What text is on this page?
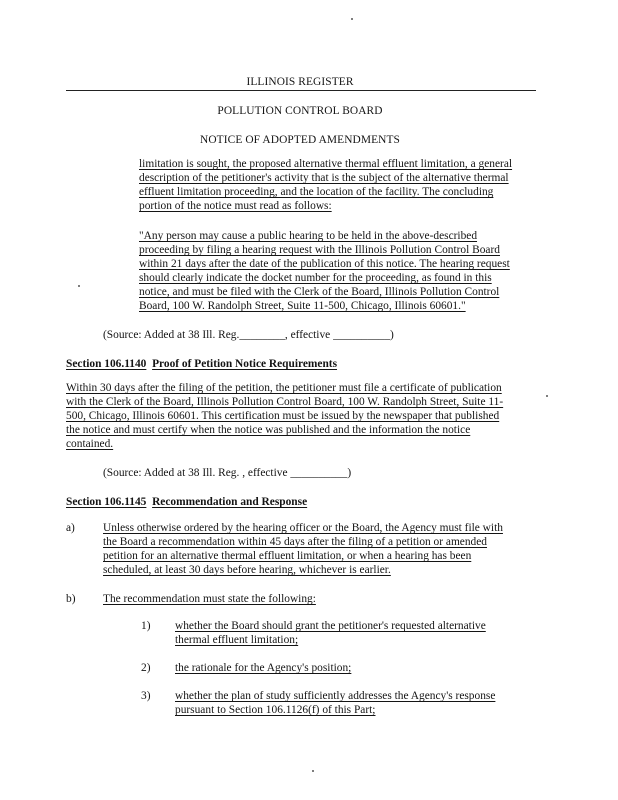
ILLINOIS REGISTER
POLLUTION CONTROL BOARD
NOTICE OF ADOPTED AMENDMENTS

limitation is sought, the proposed alternative thermal effluent limitation, a general

description of the petitioner's activity that is the subject of the alternative thermal

effluent limitation proceeding, and the location of the facility. The concluding

portion of the notice must read as follows:

"Any person may cause a public hearing to be held in the above-described

proceeding by filing a hearing request with the Illinois Pollution Control Board

within 21 days after the date of the publication of this notice. The hearing request

should clearly indicate the docket number for the proceeding, as found in this

notice, and must be filed with the Clerk of the Board, Illinois Pollution Control

Board, 100 W. Randolph Street, Suite 11-500, Chicago, Illinois 60601."

(Source: Added at 38 Ill. Reg.________, effective __________)
Section 106.1140 Proof of Petition Notice Requirements

Within 30 days after the filing of the petition, the petitioner must file a certificate of publication

with the Clerk of the Board, Illinois Pollution Control Board, 100 W. Randolph Street, Suite 11-

500, Chicago, Illinois 60601. This certification must be issued by the newspaper that published

the notice and must certify when the notice was published and the information the notice

contained.

(Source: Added at 38 Ill. Reg. , effective __________)
Section 106.1145 Recommendation and Response
a)	Unless otherwise ordered by the hearing officer or the Board, the Agency must file with

the Board a recommendation within 45 days after the filing of a petition or amended

petition for an alternative thermal effluent limitation, or when a hearing has been

scheduled, at least 30 days before hearing, whichever is earlier.

b)	The recommendation must state the following:
1)	whether the Board should grant the petitioner's requested alternative

thermal effluent limitation;

2)	the rationale for the Agency's position;

3)	whether the plan of study sufficiently addresses the Agency's response

pursuant to Section 106.1126(f) of this Part;
